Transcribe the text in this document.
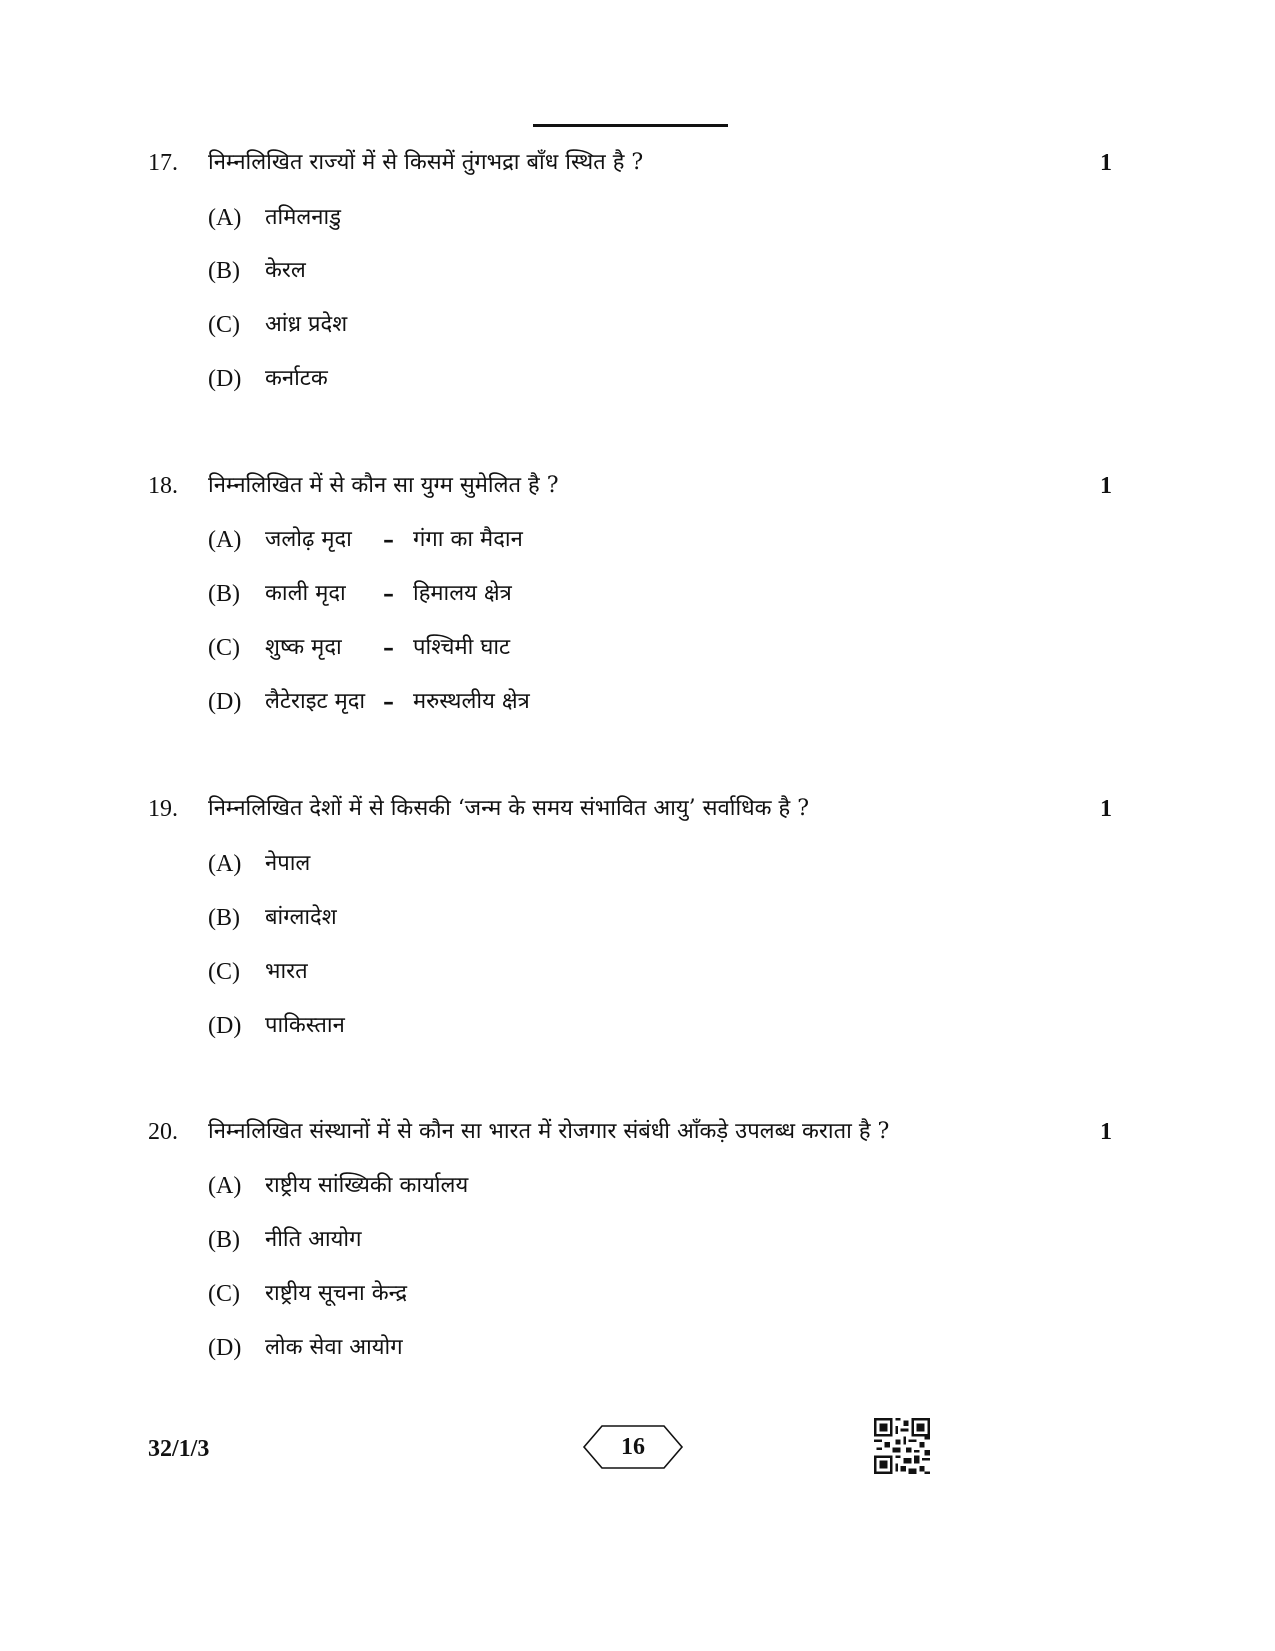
17. निम्नलिखित राज्यों में से किसमें तुंगभद्रा बाँध स्थित है ?	1
(A) तमिलनाडु
(B) केरल
(C) आंध्र प्रदेश
(D) कर्नाटक
18. निम्नलिखित में से कौन सा युग्म सुमेलित है ?	1
(A) जलोढ़ मृदा – गंगा का मैदान
(B) काली मृदा – हिमालय क्षेत्र
(C) शुष्क मृदा – पश्चिमी घाट
(D) लैटेराइट मृदा – मरुस्थलीय क्षेत्र
19. निम्नलिखित देशों में से किसकी ‘जन्म के समय संभावित आयु’ सर्वाधिक है ?	1
(A) नेपाल
(B) बांग्लादेश
(C) भारत
(D) पाकिस्तान
20. निम्नलिखित संस्थानों में से कौन सा भारत में रोजगार संबंधी आँकड़े उपलब्ध कराता है ?	1
(A) राष्ट्रीय सांख्यिकी कार्यालय
(B) नीति आयोग
(C) राष्ट्रीय सूचना केन्द्र
(D) लोक सेवा आयोग
32/1/3	16
